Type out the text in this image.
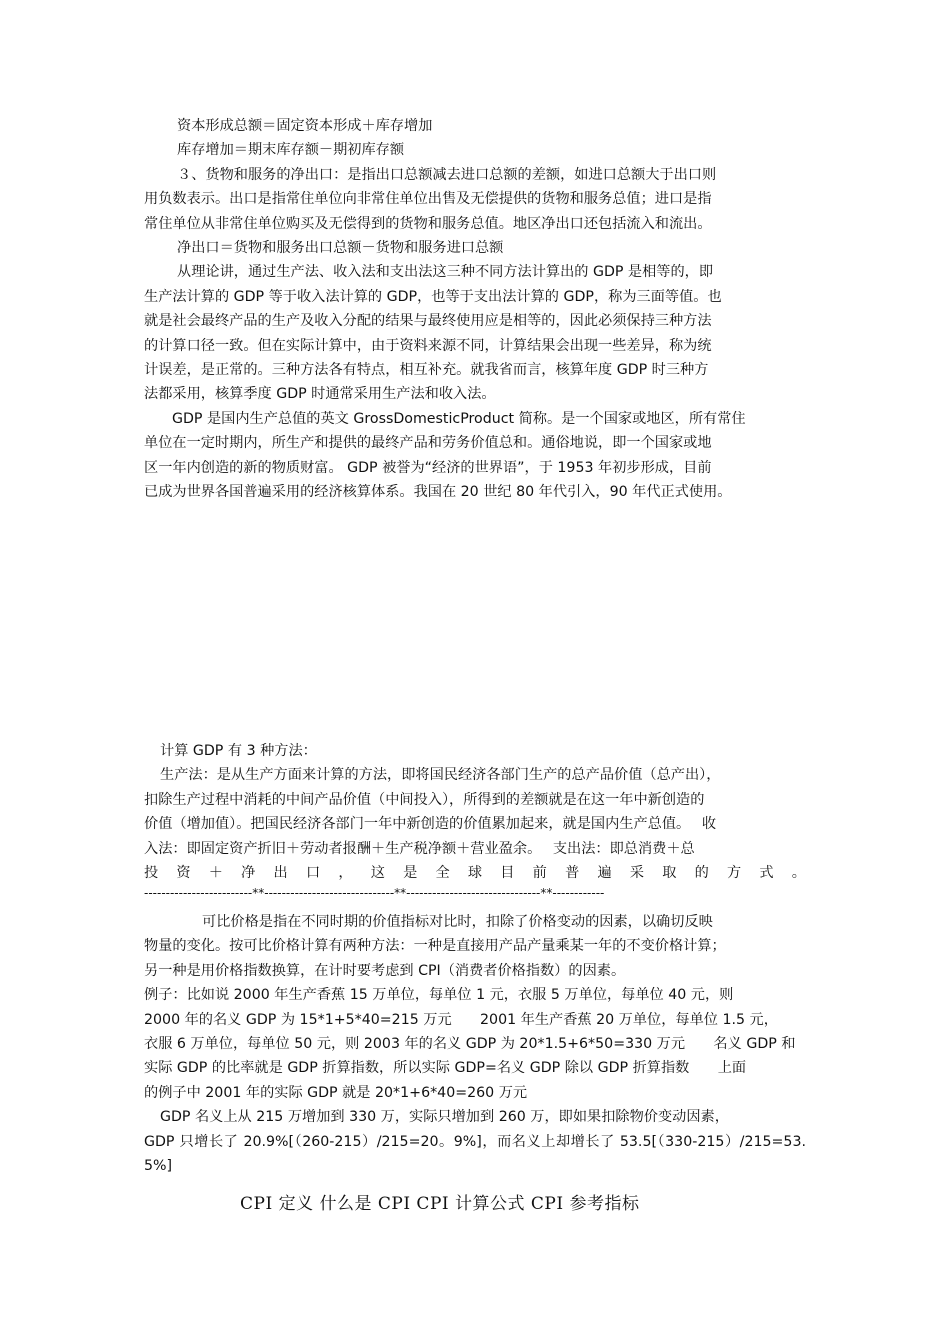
资本形成总额＝固定资本形成＋库存增加

库存增加＝期末库存额－期初库存额

３、货物和服务的净出口：是指出口总额减去进口总额的差额，如进口总额大于出口则

用负数表示。出口是指常住单位向非常住单位出售及无偿提供的货物和服务总值；进口是指

常住单位从非常住单位购买及无偿得到的货物和服务总值。地区净出口还包括流入和流出。

净出口＝货物和服务出口总额－货物和服务进口总额

从理论讲，通过生产法、收入法和支出法这三种不同方法计算出的 GDP 是相等的，即

生产法计算的 GDP 等于收入法计算的 GDP，也等于支出法计算的 GDP，称为三面等值。也

就是社会最终产品的生产及收入分配的结果与最终使用应是相等的，因此必须保持三种方法

的计算口径一致。但在实际计算中，由于资料来源不同，计算结果会出现一些差异，称为统

计误差，是正常的。三种方法各有特点，相互补充。就我省而言，核算年度 GDP 时三种方

法都采用，核算季度 GDP 时通常采用生产法和收入法。

GDP 是国内生产总值的英文 GrossDomesticProduct 简称。是一个国家或地区，所有常住

单位在一定时期内，所生产和提供的最终产品和劳务价值总和。通俗地说，即一个国家或地

区一年内创造的新的物质财富。 GDP 被誉为“经济的世界语”，于 1953 年初步形成，目前

已成为世界各国普遍采用的经济核算体系。我国在 20 世纪 80 年代引入，90 年代正式使用。

计算 GDP 有 3 种方法：

生产法：是从生产方面来计算的方法，即将国民经济各部门生产的总产品价值（总产出），

扣除生产过程中消耗的中间产品价值（中间投入），所得到的差额就是在这一年中新创造的

价值（增加值）。把国民经济各部门一年中新创造的价值累加起来，就是国内生产总值。　 收

入法：即固定资产折旧＋劳动者报酬＋生产税净额＋营业盈余。　 支出法：即总消费＋总

投 资 ＋ 净 出 口 ， 这 是 全 球 目 前 普 遍 采 取 的 方 式 。

-------------------------**------------------------------**-------------------------------**------------

可比价格是指在不同时期的价值指标对比时，扣除了价格变动的因素，以确切反映

物量的变化。按可比价格计算有两种方法：一种是直接用产品产量乘某一年的不变价格计算；

另一种是用价格指数换算，在计时要考虑到 CPI（消费者价格指数）的因素。

例子：比如说 2000 年生产香蕉 15 万单位，每单位 1 元，衣服 5 万单位，每单位 40 元，则

2000 年的名义 GDP 为 15*1+5*40=215 万元　　2001 年生产香蕉 20 万单位，每单位 1.5 元，

衣服 6 万单位，每单位 50 元，则 2003 年的名义 GDP 为 20*1.5+6*50=330 万元　　名义 GDP 和

实际 GDP 的比率就是 GDP 折算指数，所以实际 GDP=名义 GDP 除以 GDP 折算指数　　上面

的例子中 2001 年的实际 GDP 就是 20*1+6*40=260 万元

GDP 名义上从 215 万增加到 330 万，实际只增加到 260 万，即如果扣除物价变动因素，

GDP 只增长了 20.9%[（260-215）/215=20。9%]，而名义上却增长了 53.5[（330-215）/215=53.5%]

CPI 定义 什么是 CPI CPI 计算公式 CPI 参考指标
